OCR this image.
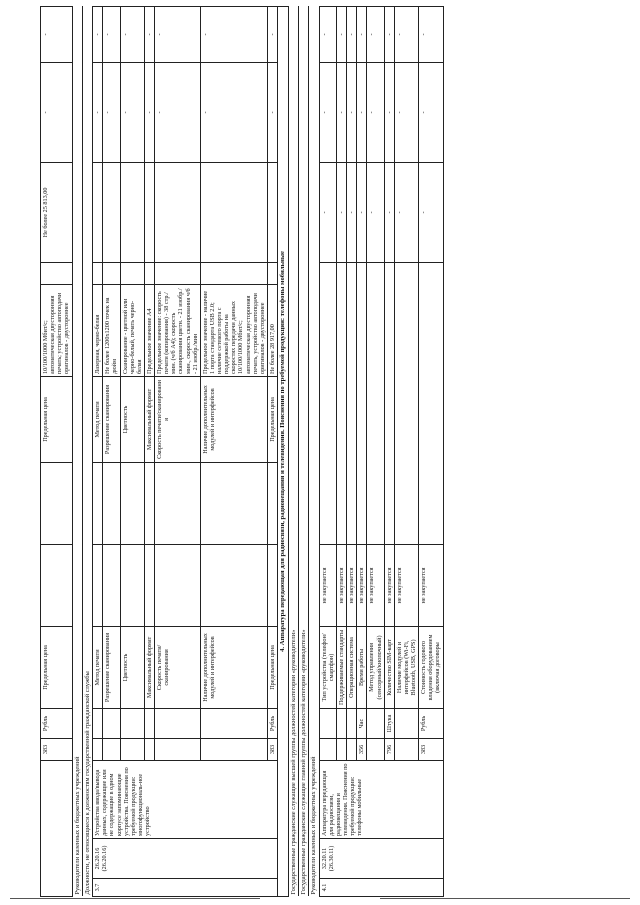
			383	Рубль	Предельная цена			Предельная цена	10/100/1000 Мбит/с; автоматическая двусторонняя печать; устройство автоподачи оригиналов - двустороннее		Не более 25 813,00	-	-
Руководители казенных и бюджетных учреждений													
Должности, не относящиеся к должностям государственной гражданской службы													
3.7	26.20.16 (26.20.16)	Устройства ввода/вывода данных, содержащие или не содержащие в одном корпусе запоминающие устройства. Пояснения по требуемой продукции: многофункциональ-ное устройство			Метод печати			Метод печати	Лазерная, черно-белая			-	-
					Разрешение сканирования			Разрешение сканирования	Не более 1200х1200 точек на дюйм			-	-
					Цветность			Цветность	Сканирование - цветной или черно-белый, печать черно-белая			-	-
					Максимальный формат			Максимальный формат	Предельное значение А4			-	-
					Скорость печати/сканирования			Скорость печати/сканировани я	Предельное значение: скорость печати (копирования) - 38 стр./мин. (ч/б А4); скорость сканирования цветн. - 21 изобр./мин., скорость сканирования ч/б - 21 изобр./мин			-	-
					Наличие дополнительных модулей и интерфейсов			Наличие дополнительных модулей и интерфейсов	Предельное значение - наличие 1 порта стандарта USB 2.0; наличие сетевого порта с поддержкой работы на скоростях передачи данных 10/100/1000 Мбит/с; автоматическая двусторонняя печать, устройство автоподачи оригиналов - двустороннее			-	-
			383	Рубль	Предельная цена			Предельная цена	Не более 28 917,00			-	-
4. Аппаратура передающая для радиосвязи, радиовещания и телевидения. Пояснения по требуемой продукции: телефоны мобильные													
Государственные гражданские служащие высшей группы должностей категории «руководители»													
Государственные гражданские служащие главной группы должностей категории «руководители»													
Руководители казенных и бюджетных учреждений													
4.1	32.20.11 (26.30.11)	Аппаратура передающая для радиосвязи, радиовещания и телевидения. Пояснения по требуемой продукции: телефоны мобильные			Тип устройства (телефон/смартфон)	не закупается					-	-	-
					Поддерживаемые стандарты	не закупается					-	-	-
					Операционная система	не закупается					-	-	-
			356	Час	Время работы	не закупается					-	-	-
					Метод управления (сенсорный/кнопочный)	не закупается					-	-	-
			796	Штука	Количество SIM-карт	не закупается					-	-	-
					Наличие модулей и интерфейсов (Wi-Fi, Bluetooth, USB, GPS)	не закупается					-	-	-
			383	Рубль	Стоимость годового владения оборудованием (включая договоры	не закупается					-	-	-
